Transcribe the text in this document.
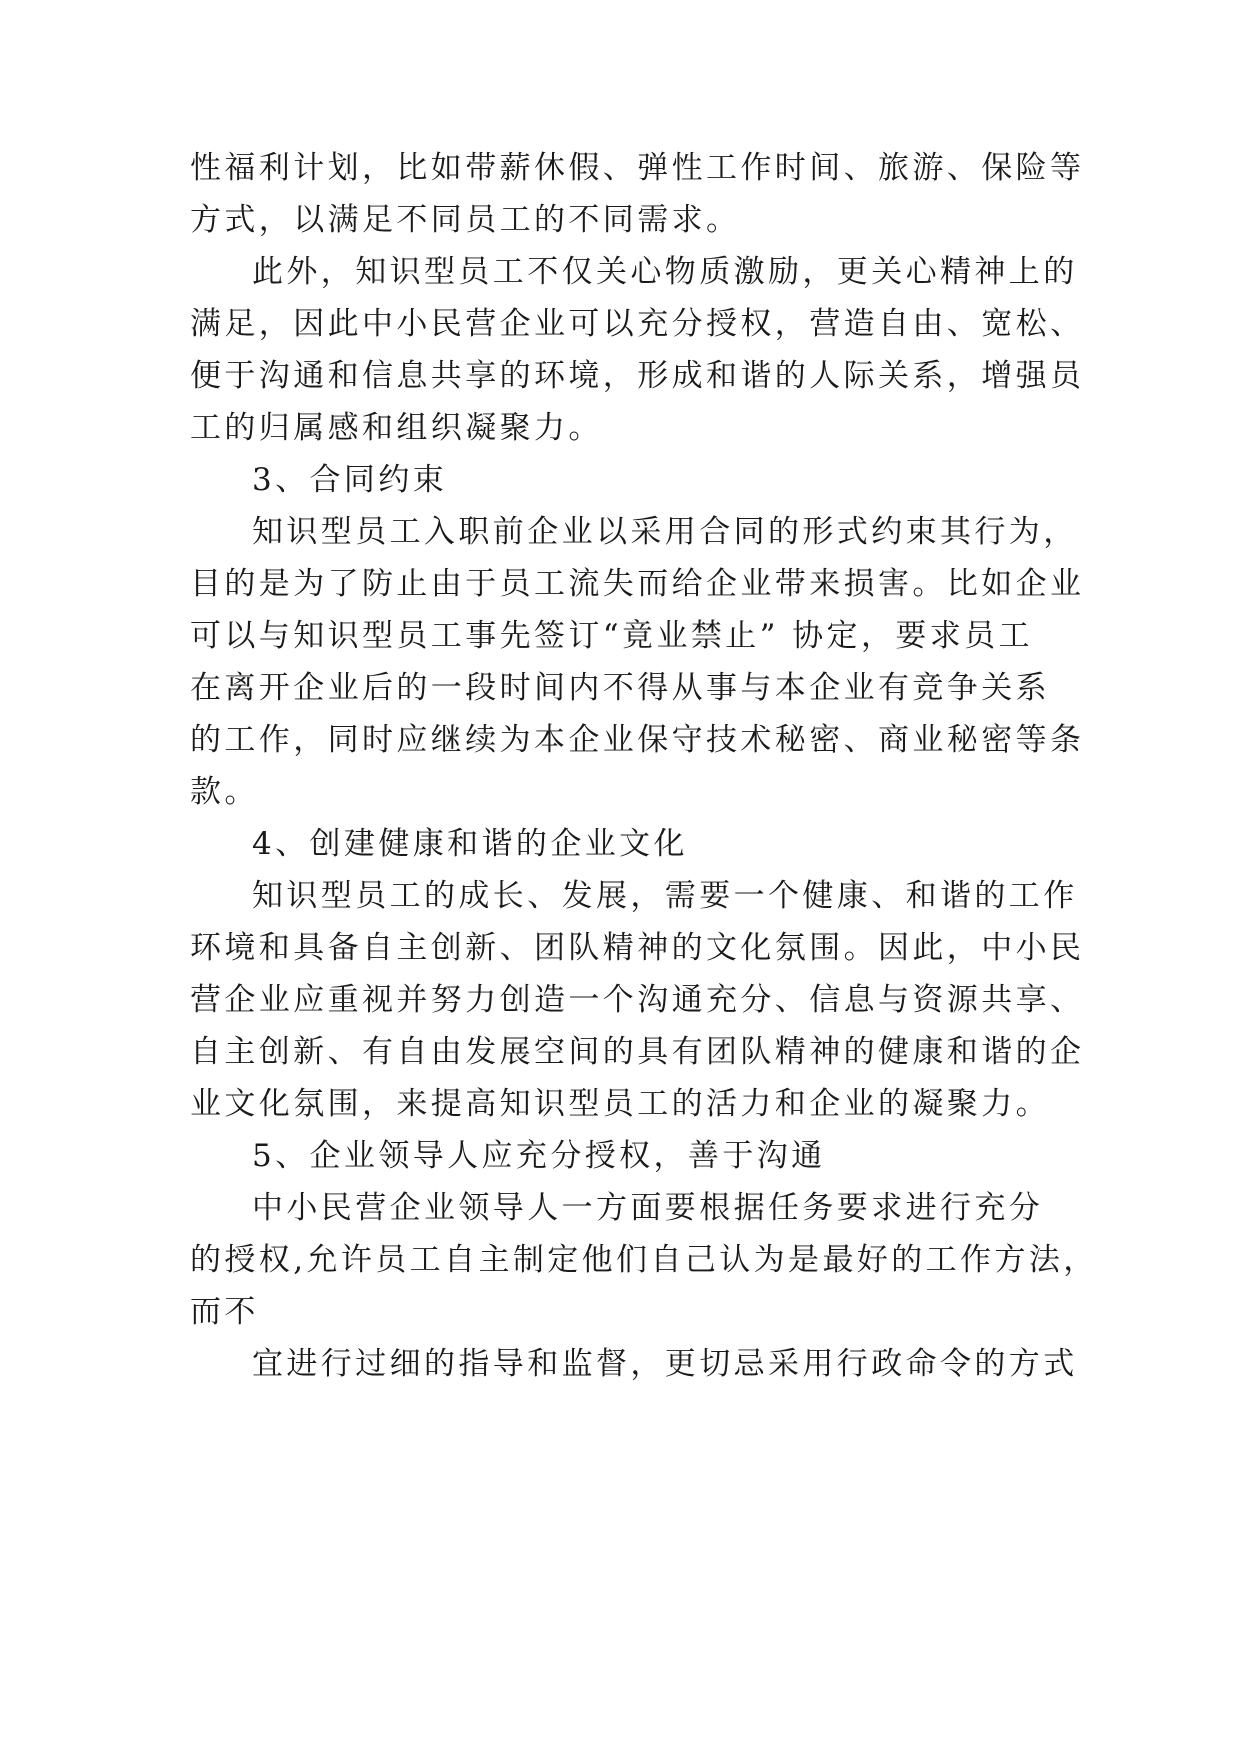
性福利计划，比如带薪休假、弹性工作时间、旅游、保险等
方式，以满足不同员工的不同需求。
此外，知识型员工不仅关心物质激励，更关心精神上的
满足，因此中小民营企业可以充分授权，营造自由、宽松、
便于沟通和信息共享的环境，形成和谐的人际关系，增强员
工的归属感和组织凝聚力。
3、合同约束
知识型员工入职前企业以采用合同的形式约束其行为，
目的是为了防止由于员工流失而给企业带来损害。比如企业
可以与知识型员工事先签订“竟业禁止” 协定，要求员工
在离开企业后的一段时间内不得从事与本企业有竞争关系
的工作，同时应继续为本企业保守技术秘密、商业秘密等条
款。
4、创建健康和谐的企业文化
知识型员工的成长、发展，需要一个健康、和谐的工作
环境和具备自主创新、团队精神的文化氛围。因此，中小民
营企业应重视并努力创造一个沟通充分、信息与资源共享、
自主创新、有自由发展空间的具有团队精神的健康和谐的企
业文化氛围，来提高知识型员工的活力和企业的凝聚力。
5、企业领导人应充分授权，善于沟通
中小民营企业领导人一方面要根据任务要求进行充分
的授权,允许员工自主制定他们自己认为是最好的工作方法，
而不
宜进行过细的指导和监督，更切忌采用行政命令的方式
